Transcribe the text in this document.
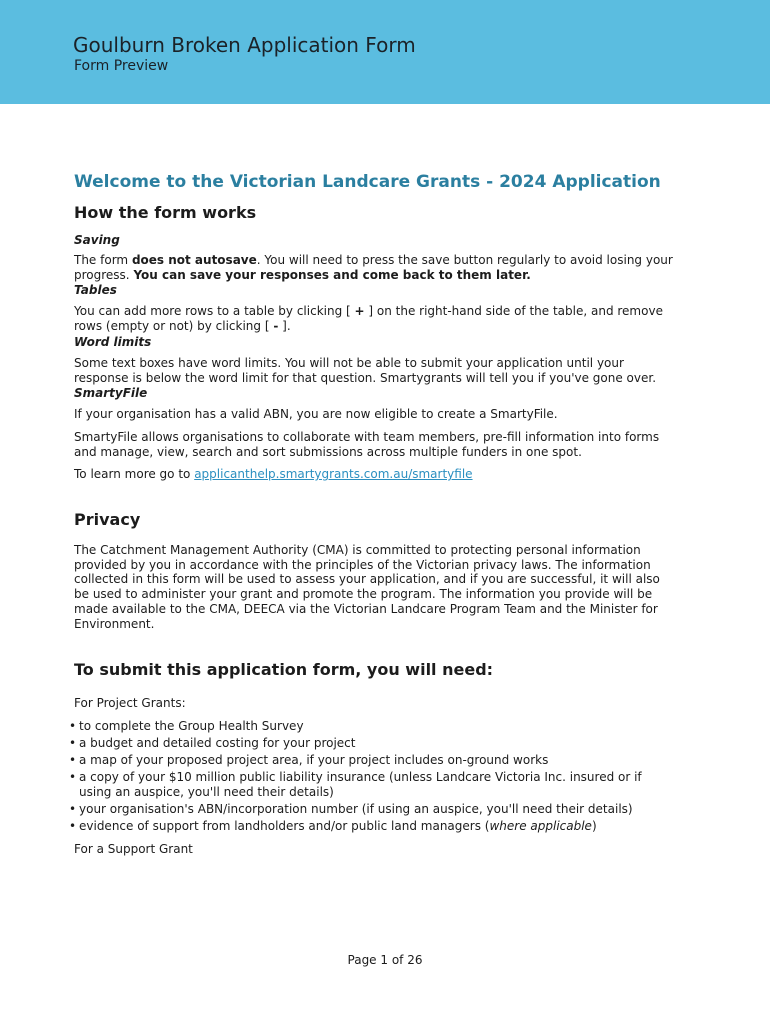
Goulburn Broken Application Form
Form Preview
Welcome to the Victorian Landcare Grants - 2024 Application
How the form works
Saving

The form does not autosave. You will need to press the save button regularly to avoid losing your progress. You can save your responses and come back to them later.

Tables

You can add more rows to a table by clicking [ + ] on the right-hand side of the table, and remove rows (empty or not) by clicking [ - ].

Word limits

Some text boxes have word limits. You will not be able to submit your application until your response is below the word limit for that question. Smartygrants will tell you if you've gone over.

SmartyFile

If your organisation has a valid ABN, you are now eligible to create a SmartyFile.

SmartyFile allows organisations to collaborate with team members, pre-fill information into forms and manage, view, search and sort submissions across multiple funders in one spot.

To learn more go to applicanthelp.smartygrants.com.au/smartyfile

Privacy

The Catchment Management Authority (CMA) is committed to protecting personal information provided by you in accordance with the principles of the Victorian privacy laws. The information collected in this form will be used to assess your application, and if you are successful, it will also be used to administer your grant and promote the program. The information you provide will be made available to the CMA, DEECA via the Victorian Landcare Program Team and the Minister for Environment.

To submit this application form, you will need:

For Project Grants:

• to complete the Group Health Survey
• a budget and detailed costing for your project
• a map of your proposed project area, if your project includes on-ground works
• a copy of your $10 million public liability insurance (unless Landcare Victoria Inc. insured or if using an auspice, you'll need their details)
• your organisation's ABN/incorporation number (if using an auspice, you'll need their details)
• evidence of support from landholders and/or public land managers (where applicable)

For a Support Grant

Page 1 of 26
